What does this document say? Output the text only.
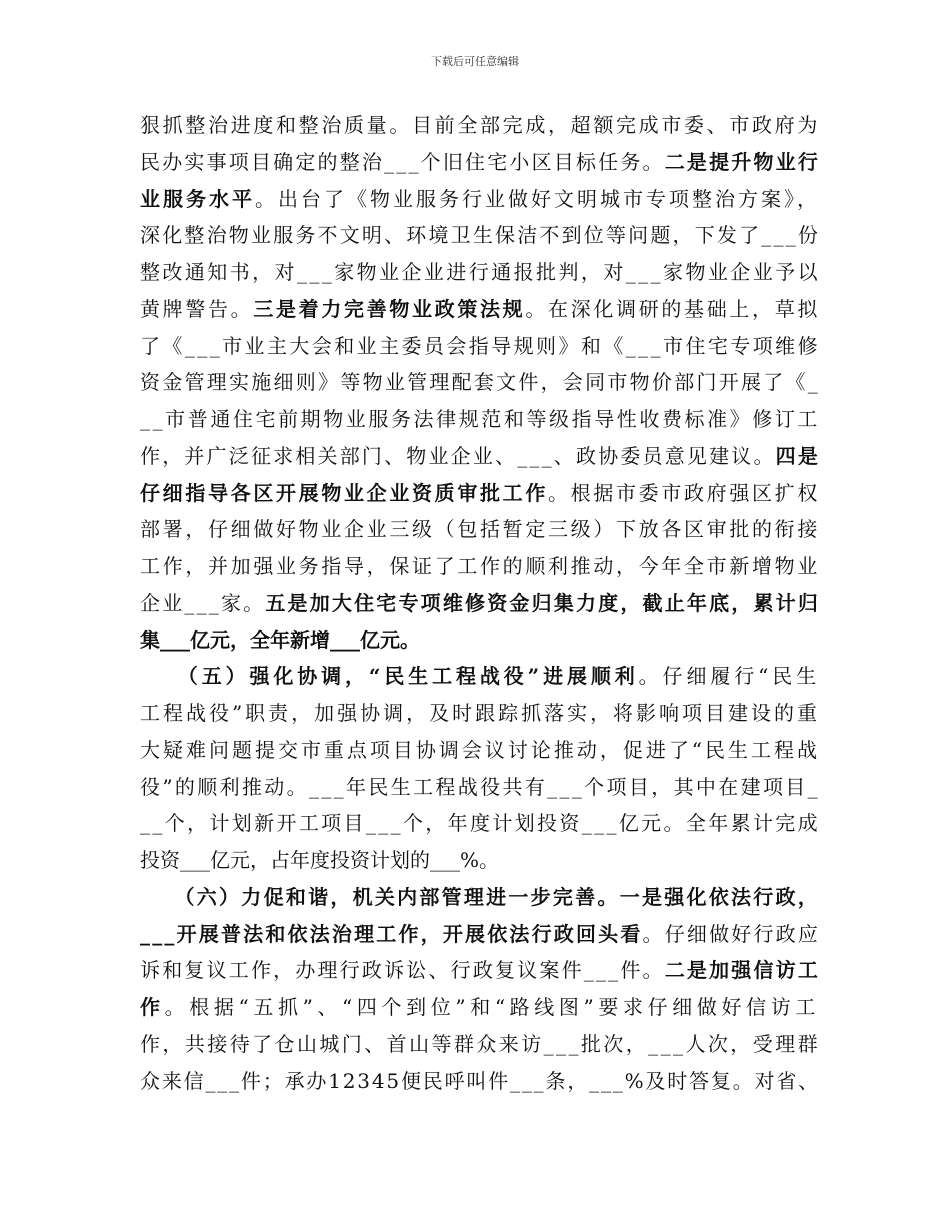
下载后可任意编辑
狠抓整治进度和整治质量。目前全部完成，超额完成市委、市政府为
民办实事项目确定的整治___个旧住宅小区目标任务。二是提升物业行
业服务水平。出台了《物业服务行业做好文明城市专项整治方案》，
深化整治物业服务不文明、环境卫生保洁不到位等问题，下发了___份
整改通知书，对___家物业企业进行通报批判，对___家物业企业予以
黄牌警告。三是着力完善物业政策法规。在深化调研的基础上，草拟
了《___市业主大会和业主委员会指导规则》和《___市住宅专项维修
资金管理实施细则》等物业管理配套文件，会同市物价部门开展了《_
__市普通住宅前期物业服务法律规范和等级指导性收费标准》修订工
作，并广泛征求相关部门、物业企业、___、政协委员意见建议。四是
仔细指导各区开展物业企业资质审批工作。根据市委市政府强区扩权
部署，仔细做好物业企业三级（包括暂定三级）下放各区审批的衔接
工作，并加强业务指导，保证了工作的顺利推动，今年全市新增物业
企业___家。五是加大住宅专项维修资金归集力度，截止年底，累计归
集___亿元，全年新增___亿元。
　　（五）强化协调，“民生工程战役”进展顺利。仔细履行“民生
工程战役”职责，加强协调，及时跟踪抓落实，将影响项目建设的重
大疑难问题提交市重点项目协调会议讨论推动，促进了“民生工程战
役”的顺利推动。___年民生工程战役共有___个项目，其中在建项目_
__个，计划新开工项目___个，年度计划投资___亿元。全年累计完成
投资___亿元，占年度投资计划的___%。
　　（六）力促和谐，机关内部管理进一步完善。一是强化依法行政，
___开展普法和依法治理工作，开展依法行政回头看。仔细做好行政应
诉和复议工作，办理行政诉讼、行政复议案件___件。二是加强信访工
作。根据“五抓”、“四个到位”和“路线图”要求仔细做好信访工
作，共接待了仓山城门、首山等群众来访___批次，___人次，受理群
众来信___件；承办12345便民呼叫件___条，___%及时答复。对省、
